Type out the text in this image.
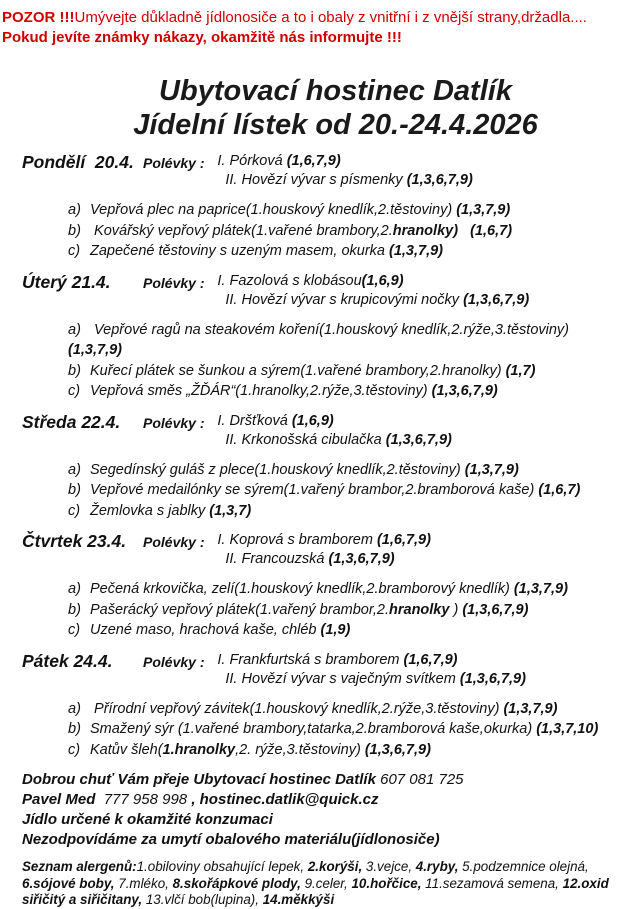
POZOR !!!Umývejte důkladně jídlonosiče a to i obaly z vnitřní i z vnější strany,držadla....
Pokud jevíte známky nákazy, okamžitě nás informujte !!!
Ubytovací hostinec Datlík
Jídelní lístek od 20.-24.4.2026
Pondělí  20.4. Polévky : I. Pórková (1,6,7,9)
II. Hovězí vývar s písmenky (1,3,6,7,9)
a) Vepřová plec na paprice(1.houskový knedlík,2.těstoviny) (1,3,7,9)
b) Kovářský vepřový plátek(1.vařené brambory,2.hranolky) (1,6,7)
c) Zapečené těstoviny s uzeným masem, okurka (1,3,7,9)
Úterý 21.4.	Polévky : I. Fazolová s klobásou(1,6,9)
II. Hovězí vývar s krupicovými nočky (1,3,6,7,9)
a) Vepřové ragů na steakovém koření(1.houskový knedlík,2.rýže,3.těstoviny) (1,3,7,9)
b) Kuřecí plátek se šunkou a sýrem(1.vařené brambory,2.hranolky) (1,7)
c) Vepřová směs „ŽĎÁR“(1.hranolky,2.rýže,3.těstoviny) (1,3,6,7,9)
Středa 22.4.	Polévky : I. Dršťková (1,6,9)
II. Krkonošská cibulačka (1,3,6,7,9)
a) Segedínský guláš z plece(1.houskový knedlík,2.těstoviny) (1,3,7,9)
b) Vepřové medailónky se sýrem(1.vařený brambor,2.bramborová kaše) (1,6,7)
c) Žemlovka s jablky (1,3,7)
Čtvrtek 23.4.	Polévky : I. Koprová s bramborem (1,6,7,9)
II. Francouzská (1,3,6,7,9)
a) Pečená krkovička, zelí(1.houskový knedlík,2.bramborový knedlík) (1,3,7,9)
b) Pašerácký vepřový plátek(1.vařený brambor,2.hranolky ) (1,3,6,7,9)
c) Uzené maso, hrachová kaše, chléb (1,9)
Pátek 24.4.	Polévky : I. Frankfurtská s bramborem (1,6,7,9)
II. Hovězí vývar s vaječným svítkem (1,3,6,7,9)
a) Přírodní vepřový závitek(1.houskový knedlík,2.rýže,3.těstoviny) (1,3,7,9)
b) Smažený sýr (1.vařené brambory,tatarka,2.bramborová kaše,okurka) (1,3,7,10)
c) Katův šleh(1.hranolky,2. rýže,3.těstoviny) (1,3,6,7,9)
Dobrou chuť Vám přeje Ubytovací hostinec Datlík 607 081 725
Pavel Med  777 958 998 , hostinec.datlik@quick.cz
Jídlo určené k okamžité konzumaci
Nezodpovídáme za umytí obalového materiálu(jídlonosiče)
Seznam alergenů:1.obiloviny obsahující lepek, 2.korýši, 3.vejce, 4.ryby, 5.podzemnice olejná, 6.sójové boby, 7.mléko, 8.skořápkové plody, 9.celer, 10.hořčice, 11.sezamová semena, 12.oxid siřičitý a siřičitany, 13.vlčí bob(lupina), 14.měkkýši
